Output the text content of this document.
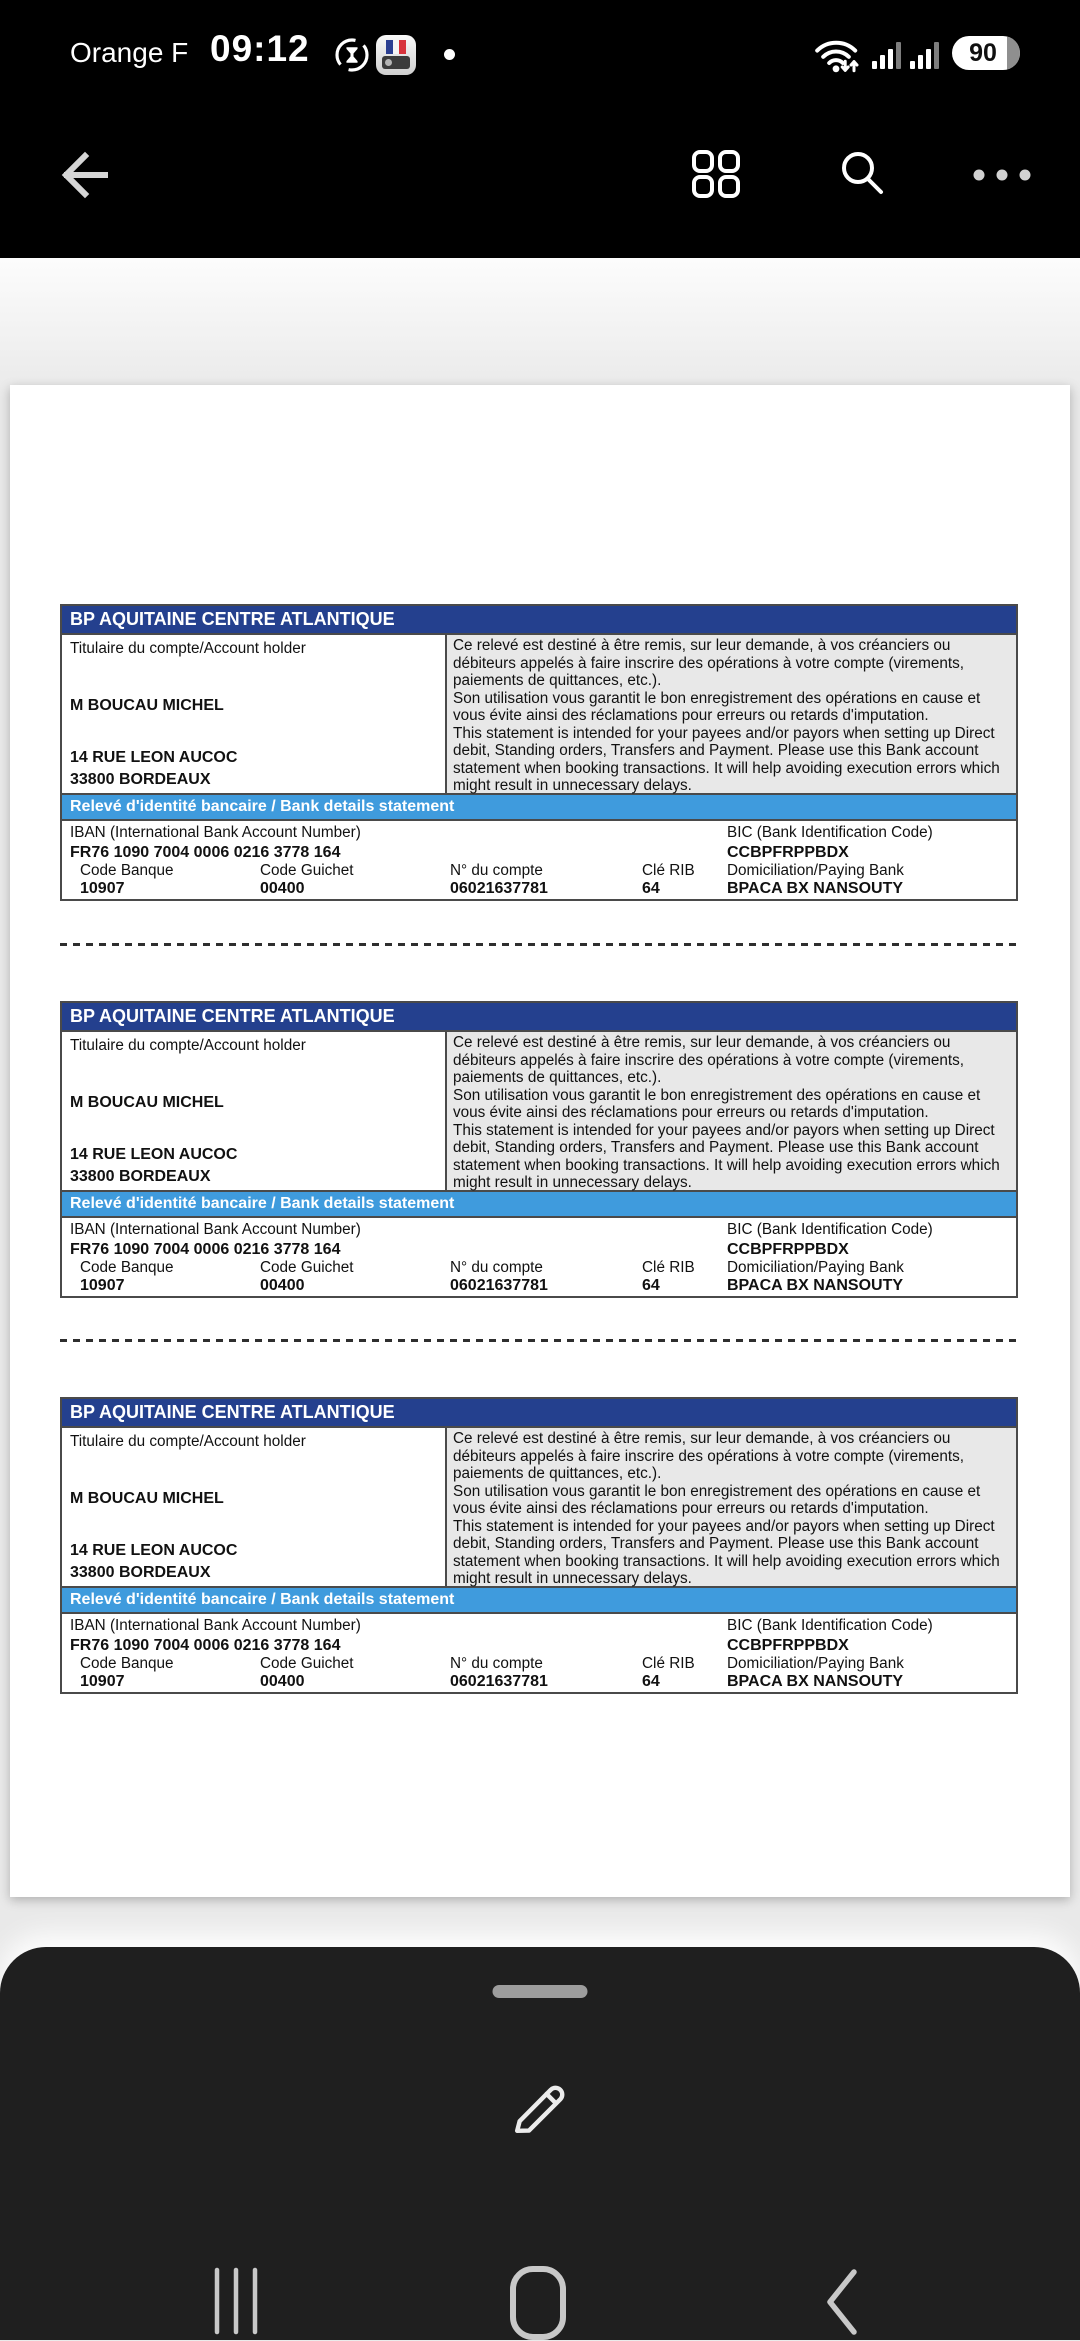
Orange F 09:12	90
BP AQUITAINE CENTRE ATLANTIQUE
Titulaire du compte/Account holder
M BOUCAU MICHEL
14 RUE LEON AUCOC
33800 BORDEAUX
Ce relevé est destiné à être remis, sur leur demande, à vos créanciers ou débiteurs appelés à faire inscrire des opérations à votre compte (virements, paiements de quittances, etc.).
Son utilisation vous garantit le bon enregistrement des opérations en cause et vous évite ainsi des réclamations pour erreurs ou retards d'imputation.
This statement is intended for your payees and/or payors when setting up Direct debit, Standing orders, Transfers and Payment. Please use this Bank account statement when booking transactions. It will help avoiding execution errors which might result in unnecessary delays.
Relevé d'identité bancaire / Bank details statement
IBAN (International Bank Account Number)
FR76 1090 7004 0006 0216 3778 164
BIC (Bank Identification Code)
CCBPFRPPBDX
Code Banque
10907
Code Guichet
00400
N° du compte
06021637781
Clé RIB
64
Domiciliation/Paying Bank
BPACA BX NANSOUTY
BP AQUITAINE CENTRE ATLANTIQUE
Titulaire du compte/Account holder
M BOUCAU MICHEL
14 RUE LEON AUCOC
33800 BORDEAUX
Ce relevé est destiné à être remis, sur leur demande, à vos créanciers ou débiteurs appelés à faire inscrire des opérations à votre compte (virements, paiements de quittances, etc.).
Son utilisation vous garantit le bon enregistrement des opérations en cause et vous évite ainsi des réclamations pour erreurs ou retards d'imputation.
This statement is intended for your payees and/or payors when setting up Direct debit, Standing orders, Transfers and Payment. Please use this Bank account statement when booking transactions. It will help avoiding execution errors which might result in unnecessary delays.
Relevé d'identité bancaire / Bank details statement
IBAN (International Bank Account Number)
FR76 1090 7004 0006 0216 3778 164
BIC (Bank Identification Code)
CCBPFRPPBDX
Code Banque
10907
Code Guichet
00400
N° du compte
06021637781
Clé RIB
64
Domiciliation/Paying Bank
BPACA BX NANSOUTY
BP AQUITAINE CENTRE ATLANTIQUE
Titulaire du compte/Account holder
M BOUCAU MICHEL
14 RUE LEON AUCOC
33800 BORDEAUX
Ce relevé est destiné à être remis, sur leur demande, à vos créanciers ou débiteurs appelés à faire inscrire des opérations à votre compte (virements, paiements de quittances, etc.).
Son utilisation vous garantit le bon enregistrement des opérations en cause et vous évite ainsi des réclamations pour erreurs ou retards d'imputation.
This statement is intended for your payees and/or payors when setting up Direct debit, Standing orders, Transfers and Payment. Please use this Bank account statement when booking transactions. It will help avoiding execution errors which might result in unnecessary delays.
Relevé d'identité bancaire / Bank details statement
IBAN (International Bank Account Number)
FR76 1090 7004 0006 0216 3778 164
BIC (Bank Identification Code)
CCBPFRPPBDX
Code Banque
10907
Code Guichet
00400
N° du compte
06021637781
Clé RIB
64
Domiciliation/Paying Bank
BPACA BX NANSOUTY
